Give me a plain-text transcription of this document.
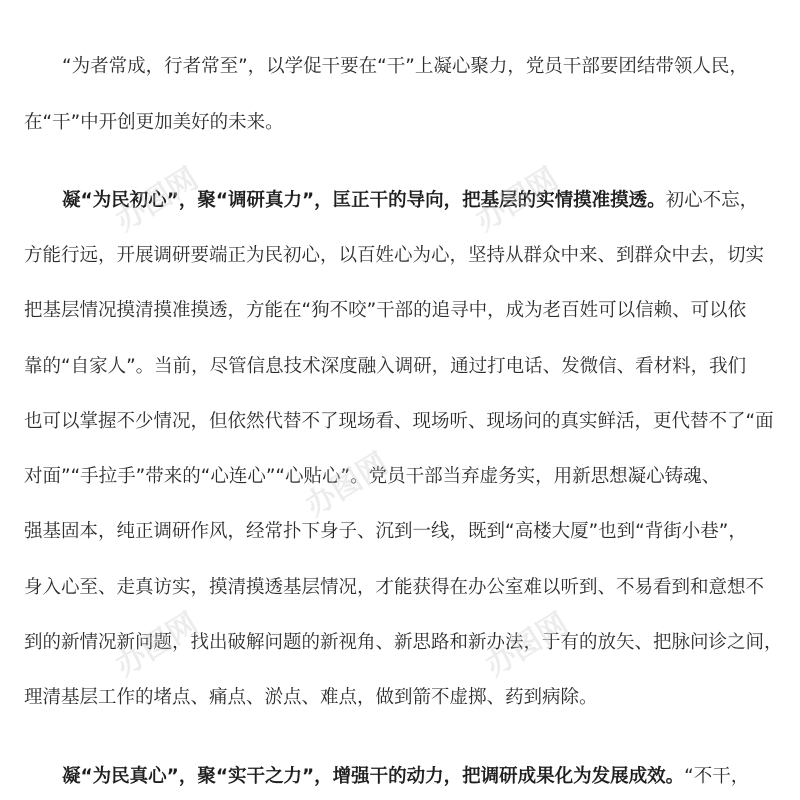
“为者常成，行者常至”，以学促干要在“干”上凝心聚力，党员干部要团结带领人民，
在“干”中开创更加美好的未来。
凝“为民初心”，聚“调研真力”，匡正干的导向，把基层的实情摸准摸透。初心不忘，
方能行远，开展调研要端正为民初心，以百姓心为心，坚持从群众中来、到群众中去，切实
把基层情况摸清摸准摸透，方能在“狗不咬”干部的追寻中，成为老百姓可以信赖、可以依
靠的“自家人”。当前，尽管信息技术深度融入调研，通过打电话、发微信、看材料，我们
也可以掌握不少情况，但依然代替不了现场看、现场听、现场问的真实鲜活，更代替不了“面
对面”“手拉手”带来的“心连心”“心贴心”。党员干部当弃虚务实，用新思想凝心铸魂、
强基固本，纯正调研作风，经常扑下身子、沉到一线，既到“高楼大厦”也到“背街小巷”，
身入心至、走真访实，摸清摸透基层情况，才能获得在办公室难以听到、不易看到和意想不
到的新情况新问题，找出破解问题的新视角、新思路和新办法，于有的放矢、把脉问诊之间，
理清基层工作的堵点、痛点、淤点、难点，做到箭不虚掷、药到病除。
凝“为民真心”，聚“实干之力”，增强干的动力，把调研成果化为发展成效。“不干，
办图网	办图网
办图网
办图网	办图网
